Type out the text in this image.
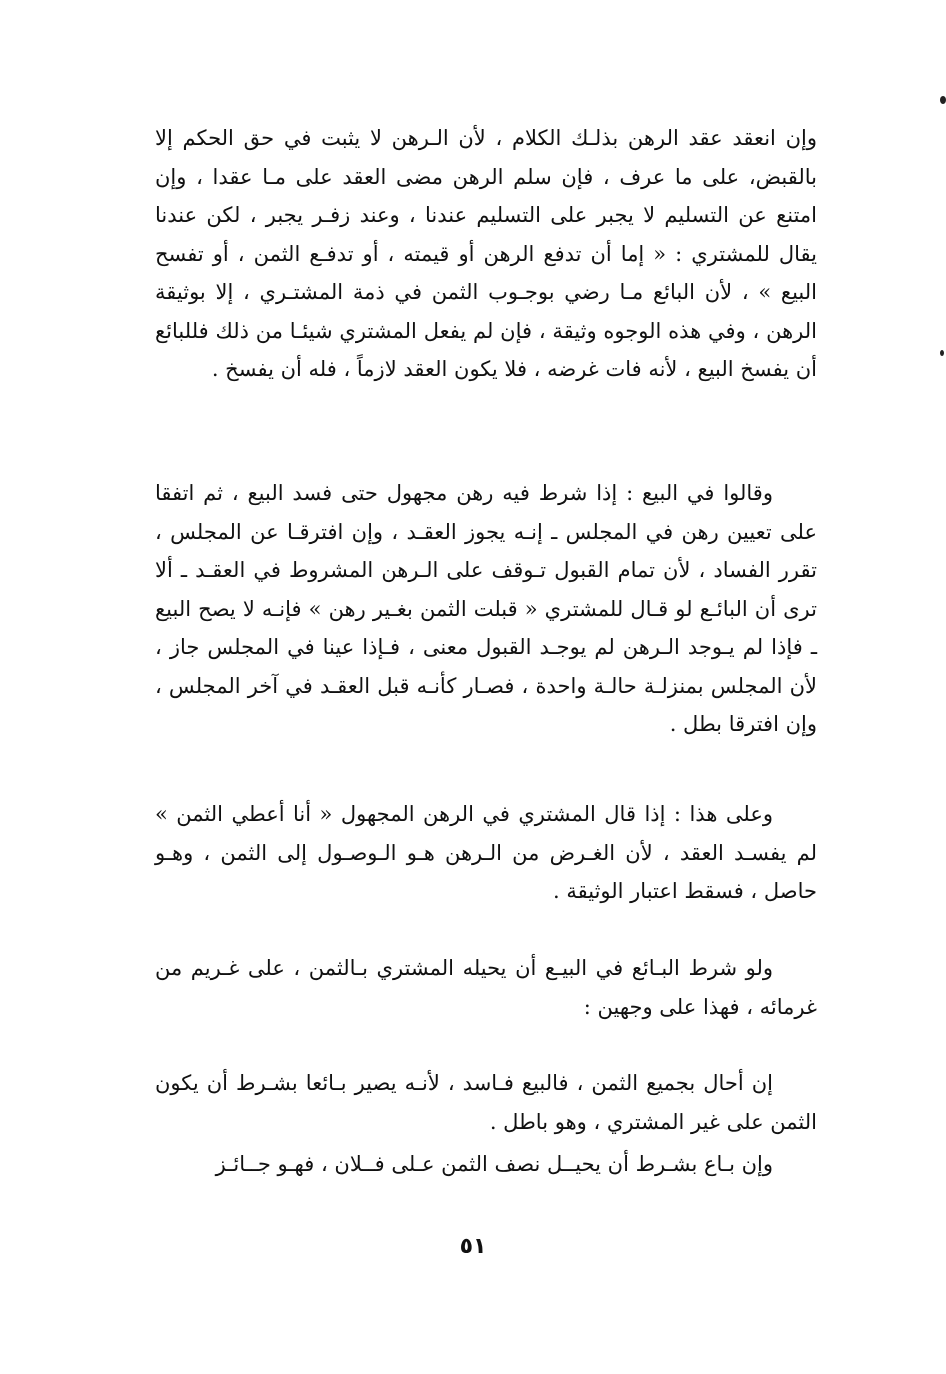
وإن انعقد عقد الرهن بذلـك الكلام ، لأن الـرهن لا يثبت في حق الحكم إلا بالقبض، على ما عرف ، فإن سلم الرهن مضى العقد على مـا عقدا ، وإن امتنع عن التسليم لا يجبر على التسليم عندنا ، وعند زفـر يجبر ، لكن عندنا يقال للمشتري : « إما أن تدفع الرهن أو قيمته ، أو تدفـع الثمن ، أو تفسح البيع » ، لأن البائع مـا رضي بوجـوب الثمن في ذمة المشتـري ، إلا بوثيقة الرهن ، وفي هذه الوجوه وثيقة ، فإن لم يفعل المشتري شيئـا من ذلك فللبائع أن يفسخ البيع ، لأنه فات غرضه ، فلا يكون العقد لازماً ، فله أن يفسخ .

وقالوا في البيع : إذا شرط فيه رهن مجهول حتى فسد البيع ، ثم اتفقا على تعيين رهن في المجلس ـ إنـه يجوز العقـد ، وإن افترقـا عن المجلس ، تقرر الفساد ، لأن تمام القبول تـوقف على الـرهن المشروط في العقـد ـ ألا ترى أن البائـع لو قـال للمشتري « قبلت الثمن بغـير رهن » فإنـه لا يصح البيع ـ فإذا لم يـوجد الـرهن لم يوجـد القبول معنى ، فـإذا عينا في المجلس جاز ، لأن المجلس بمنزلـة حالـة واحدة ، فصـار كأنـه قبل العقـد في آخر المجلس ، وإن افترقا بطل .

وعلى هذا : إذا قال المشتري في الرهن المجهول « أنا أعطي الثمن » لم يفسـد العقد ، لأن الغـرض من الـرهن هـو الـوصـول إلى الثمن ، وهـو حاصل ، فسقط اعتبار الوثيقة .

ولو شرط البـائع في البيـع أن يحيله المشتري بـالثمن ، على غـريم من غرمائه ، فهذا على وجهين :

إن أحال بجميع الثمن ، فالبيع فـاسد ، لأنـه يصير بـائعا بشـرط أن يكون الثمن على غير المشتري ، وهو باطل .

وإن بـاع بشـرط أن يحيــل نصف الثمن عـلى فــلان ، فهـو جــائـز

٥١
